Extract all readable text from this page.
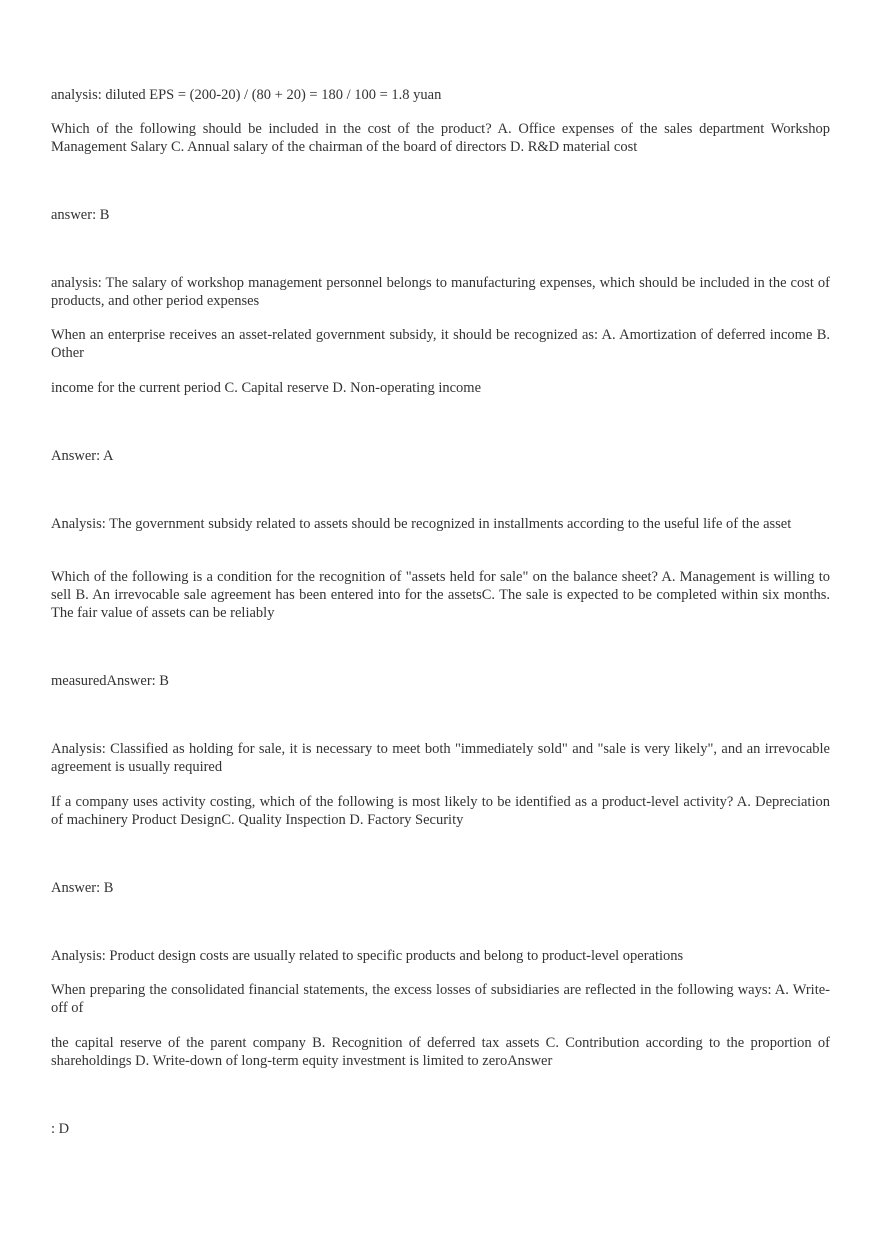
analysis: diluted EPS = (200-20) / (80 + 20) = 180 / 100 = 1.8 yuan

Which of the following should be included in the cost of the product? A. Office expenses of the sales department Workshop Management Salary C. Annual salary of the chairman of the board of directors D. R&D material cost

answer: B

analysis: The salary of workshop management personnel belongs to manufacturing expenses, which should be included in the cost of products, and other period expenses

When an enterprise receives an asset-related government subsidy, it should be recognized as: A. Amortization of deferred income B. Other

income for the current period C. Capital reserve D. Non-operating income

Answer: A

Analysis: The government subsidy related to assets should be recognized in installments according to the useful life of the asset

Which of the following is a condition for the recognition of "assets held for sale" on the balance sheet? A. Management is willing to sell B. An irrevocable sale agreement has been entered into for the assetsC. The sale is expected to be completed within six months. The fair value of assets can be reliably

measuredAnswer: B

Analysis: Classified as holding for sale, it is necessary to meet both "immediately sold" and "sale is very likely", and an irrevocable agreement is usually required

If a company uses activity costing, which of the following is most likely to be identified as a product-level activity? A. Depreciation of machinery Product DesignC. Quality Inspection D. Factory Security

Answer: B

Analysis: Product design costs are usually related to specific products and belong to product-level operations

When preparing the consolidated financial statements, the excess losses of subsidiaries are reflected in the following ways: A. Write-off of

the capital reserve of the parent company B. Recognition of deferred tax assets C. Contribution according to the proportion of shareholdings D. Write-down of long-term equity investment is limited to zeroAnswer

: D
